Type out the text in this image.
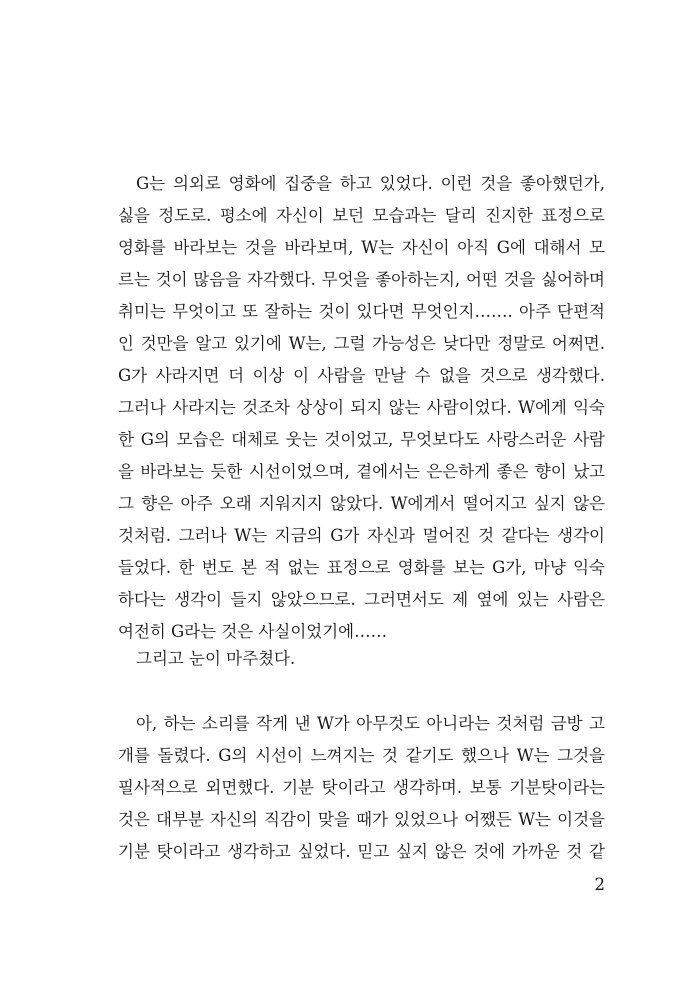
G는 의외로 영화에 집중을 하고 있었다. 이런 것을 좋아했던가,
싫을 정도로. 평소에 자신이 보던 모습과는 달리 진지한 표정으로
영화를 바라보는 것을 바라보며, W는 자신이 아직 G에 대해서 모
르는 것이 많음을 자각했다. 무엇을 좋아하는지, 어떤 것을 싫어하며
취미는 무엇이고 또 잘하는 것이 있다면 무엇인지……. 아주 단편적
인 것만을 알고 있기에 W는, 그럴 가능성은 낮다만 정말로 어쩌면.
G가 사라지면 더 이상 이 사람을 만날 수 없을 것으로 생각했다.
그러나 사라지는 것조차 상상이 되지 않는 사람이었다. W에게 익숙
한 G의 모습은 대체로 웃는 것이었고, 무엇보다도 사랑스러운 사람
을 바라보는 듯한 시선이었으며, 곁에서는 은은하게 좋은 향이 났고
그 향은 아주 오래 지워지지 않았다. W에게서 떨어지고 싶지 않은
것처럼. 그러나 W는 지금의 G가 자신과 멀어진 것 같다는 생각이
들었다. 한 번도 본 적 없는 표정으로 영화를 보는 G가, 마냥 익숙
하다는 생각이 들지 않았으므로. 그러면서도 제 옆에 있는 사람은
여전히 G라는 것은 사실이었기에……
그리고 눈이 마주쳤다.
아, 하는 소리를 작게 낸 W가 아무것도 아니라는 것처럼 금방 고
개를 돌렸다. G의 시선이 느껴지는 것 같기도 했으나 W는 그것을
필사적으로 외면했다. 기분 탓이라고 생각하며. 보통 기분탓이라는
것은 대부분 자신의 직감이 맞을 때가 있었으나 어쨌든 W는 이것을
기분 탓이라고 생각하고 싶었다. 믿고 싶지 않은 것에 가까운 것 같
2
